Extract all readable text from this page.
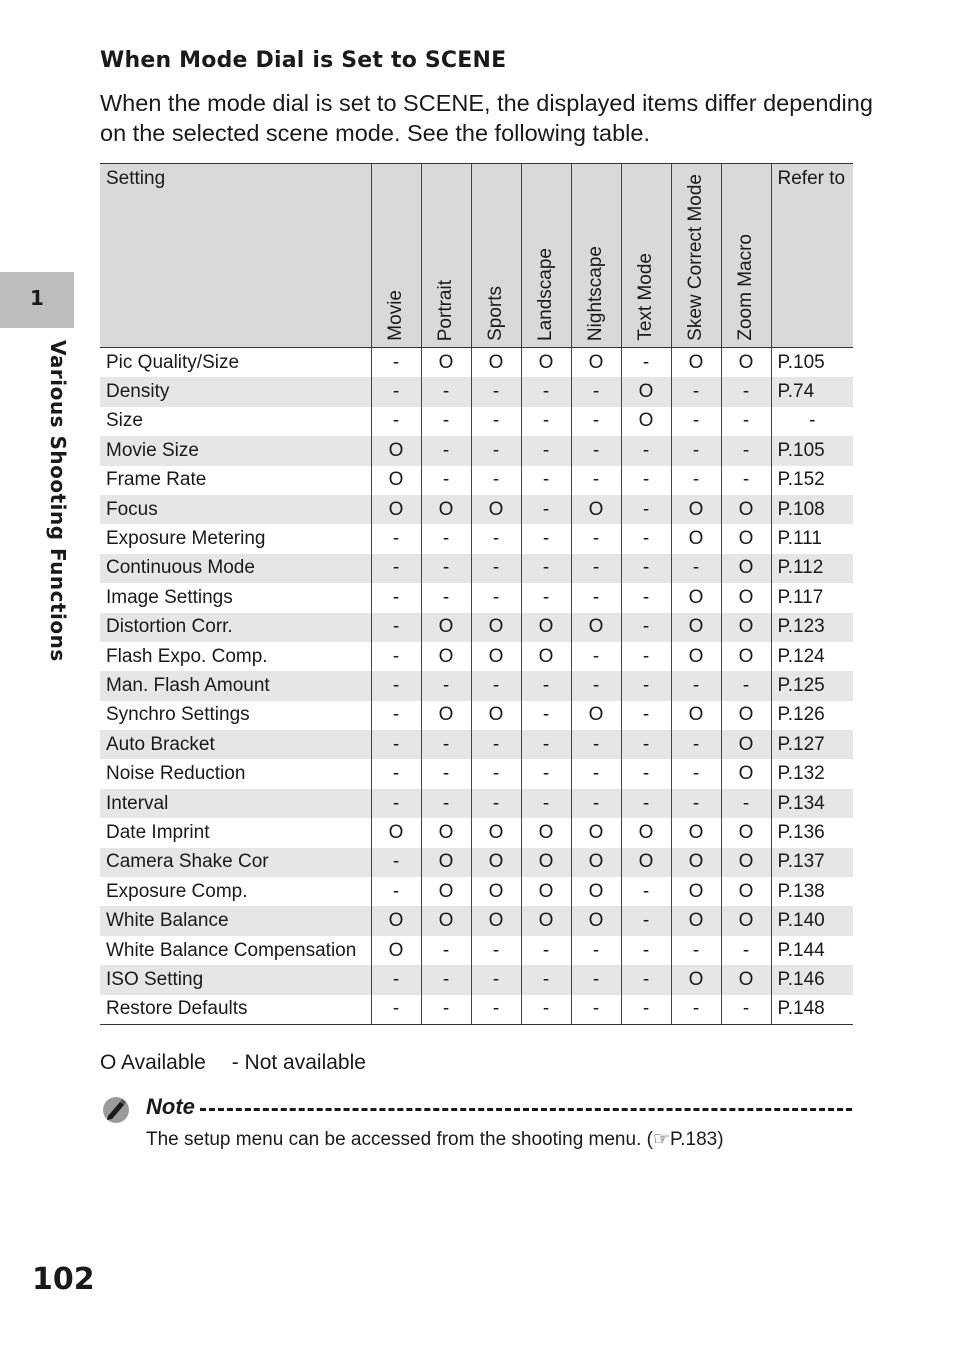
When Mode Dial is Set to SCENE
When the mode dial is set to SCENE, the displayed items differ depending on the selected scene mode. See the following table.
1
Various Shooting Functions
Setting	Movie	Portrait	Sports	Landscape	Nightscape	Text Mode	Skew Correct Mode	Zoom Macro	Refer to
Pic Quality/Size	-	O	O	O	O	-	O	O	P.105
Density	-	-	-	-	-	O	-	-	P.74
Size	-	-	-	-	-	O	-	-	-
Movie Size	O	-	-	-	-	-	-	-	P.105
Frame Rate	O	-	-	-	-	-	-	-	P.152
Focus	O	O	O	-	O	-	O	O	P.108
Exposure Metering	-	-	-	-	-	-	O	O	P.111
Continuous Mode	-	-	-	-	-	-	-	O	P.112
Image Settings	-	-	-	-	-	-	O	O	P.117
Distortion Corr.	-	O	O	O	O	-	O	O	P.123
Flash Expo. Comp.	-	O	O	O	-	-	O	O	P.124
Man. Flash Amount	-	-	-	-	-	-	-	-	P.125
Synchro Settings	-	O	O	-	O	-	O	O	P.126
Auto Bracket	-	-	-	-	-	-	-	O	P.127
Noise Reduction	-	-	-	-	-	-	-	O	P.132
Interval	-	-	-	-	-	-	-	-	P.134
Date Imprint	O	O	O	O	O	O	O	O	P.136
Camera Shake Cor	-	O	O	O	O	O	O	O	P.137
Exposure Comp.	-	O	O	O	O	-	O	O	P.138
White Balance	O	O	O	O	O	-	O	O	P.140
White Balance Compensation	O	-	-	-	-	-	-	-	P.144
ISO Setting	-	-	-	-	-	-	O	O	P.146
Restore Defaults	-	-	-	-	-	-	-	-	P.148
O Available - Not available
Note
The setup menu can be accessed from the shooting menu. (☞P.183)
102
